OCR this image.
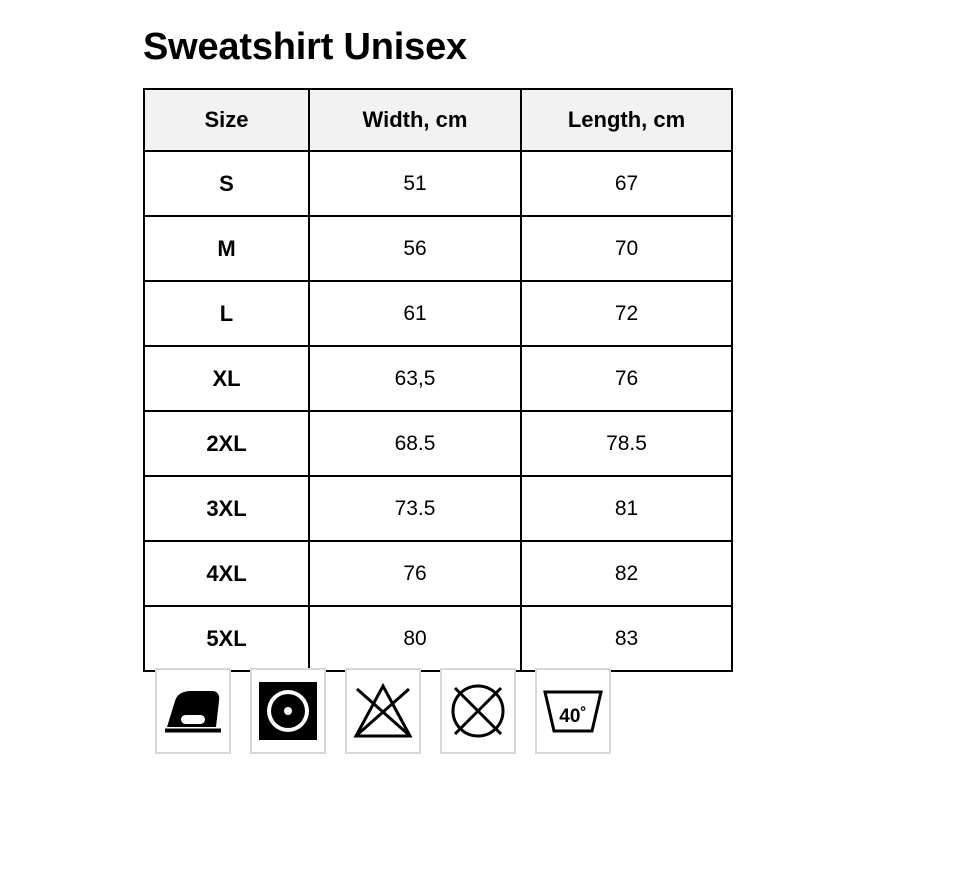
Sweatshirt Unisex
Size	Width, cm	Length, cm
S	51	67
M	56	70
L	61	72
XL	63,5	76
2XL	68.5	78.5
3XL	73.5	81
4XL	76	82
5XL	80	83
40˚
